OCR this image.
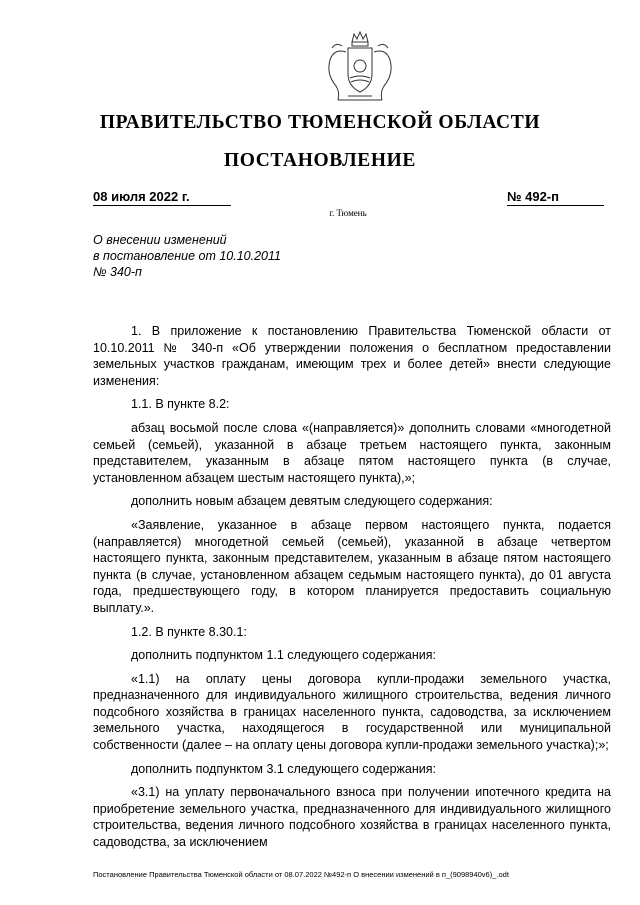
ПРАВИТЕЛЬСТВО ТЮМЕНСКОЙ ОБЛАСТИ
ПОСТАНОВЛЕНИЕ
08 июля 2022 г.	№ 492-п
г. Тюмень
О внесении изменений
в постановление от 10.10.2011
№ 340-п

1. В приложение к постановлению Правительства Тюменской области от 10.10.2011 № 340-п «Об утверждении положения о бесплатном предоставлении земельных участков гражданам, имеющим трех и более детей» внести следующие изменения:

1.1. В пункте 8.2:

абзац восьмой после слова «(направляется)» дополнить словами «многодетной семьей (семьей), указанной в абзаце третьем настоящего пункта, законным представителем, указанным в абзаце пятом настоящего пункта (в случае, установленном абзацем шестым настоящего пункта),»;

дополнить новым абзацем девятым следующего содержания:

«Заявление, указанное в абзаце первом настоящего пункта, подается (направляется) многодетной семьей (семьей), указанной в абзаце четвертом настоящего пункта, законным представителем, указанным в абзаце пятом настоящего пункта (в случае, установленном абзацем седьмым настоящего пункта), до 01 августа года, предшествующего году, в котором планируется предоставить социальную выплату.».

1.2. В пункте 8.30.1:

дополнить подпунктом 1.1 следующего содержания:

«1.1) на оплату цены договора купли-продажи земельного участка, предназначенного для индивидуального жилищного строительства, ведения личного подсобного хозяйства в границах населенного пункта, садоводства, за исключением земельного участка, находящегося в государственной или муниципальной собственности (далее – на оплату цены договора купли-продажи земельного участка);»;

дополнить подпунктом 3.1 следующего содержания:

«3.1) на уплату первоначального взноса при получении ипотечного кредита на приобретение земельного участка, предназначенного для индивидуального жилищного строительства, ведения личного подсобного хозяйства в границах населенного пункта, садоводства, за исключением

Постановление Правительства Тюменской области от 08.07.2022 №492-п О внесении изменений в п_(9098940v6)_.odt
